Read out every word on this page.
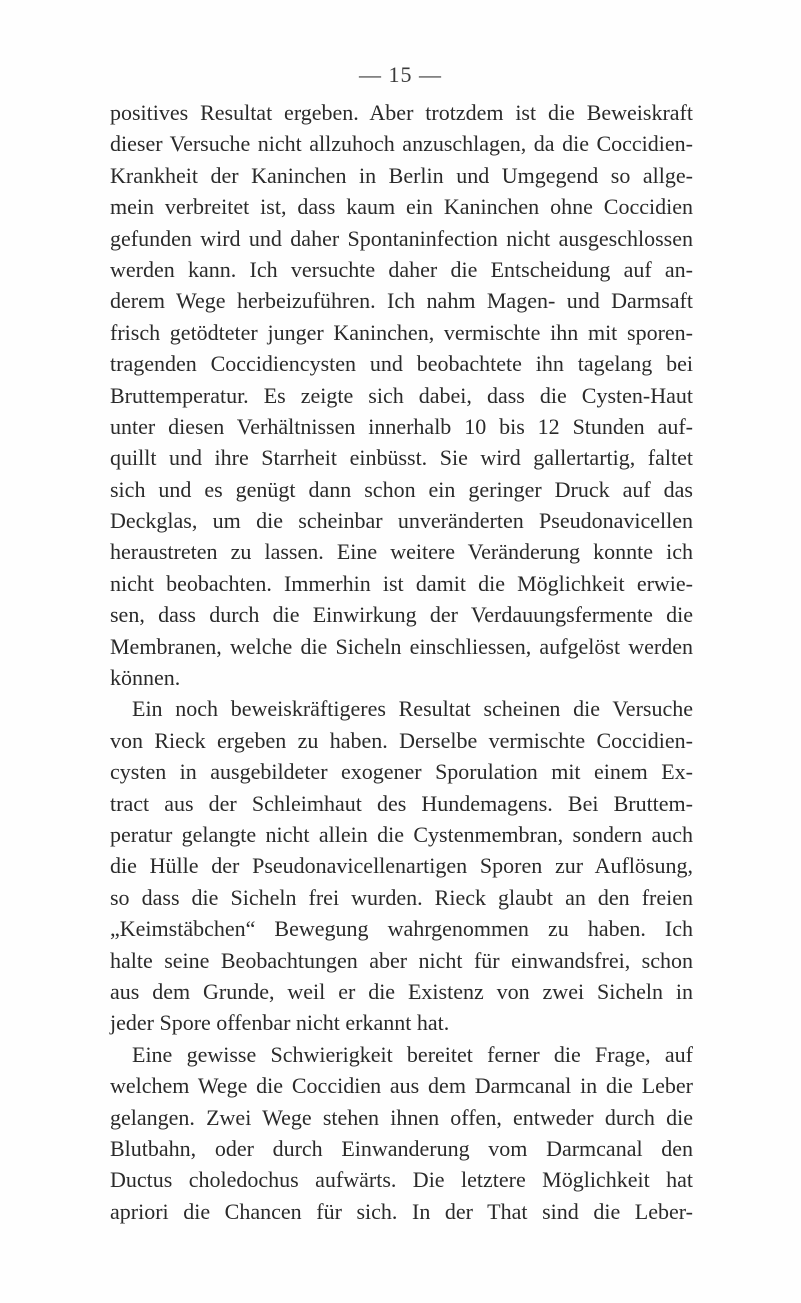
— 15 —
positives Resultat ergeben. Aber trotzdem ist die Beweiskraft
dieser Versuche nicht allzuhoch anzuschlagen, da die Coccidien-
Krankheit der Kaninchen in Berlin und Umgegend so allge-
mein verbreitet ist, dass kaum ein Kaninchen ohne Coccidien
gefunden wird und daher Spontaninfection nicht ausgeschlossen
werden kann. Ich versuchte daher die Entscheidung auf an-
derem Wege herbeizuführen. Ich nahm Magen- und Darmsaft
frisch getödteter junger Kaninchen, vermischte ihn mit sporen-
tragenden Coccidiencysten und beobachtete ihn tagelang bei
Bruttemperatur. Es zeigte sich dabei, dass die Cysten-Haut
unter diesen Verhältnissen innerhalb 10 bis 12 Stunden auf-
quillt und ihre Starrheit einbüsst. Sie wird gallertartig, faltet
sich und es genügt dann schon ein geringer Druck auf das
Deckglas, um die scheinbar unveränderten Pseudonavicellen
heraustreten zu lassen. Eine weitere Veränderung konnte ich
nicht beobachten. Immerhin ist damit die Möglichkeit erwie-
sen, dass durch die Einwirkung der Verdauungsfermente die
Membranen, welche die Sicheln einschliessen, aufgelöst werden
können.
Ein noch beweiskräftigeres Resultat scheinen die Versuche
von Rieck ergeben zu haben. Derselbe vermischte Coccidien-
cysten in ausgebildeter exogener Sporulation mit einem Ex-
tract aus der Schleimhaut des Hundemagens. Bei Bruttem-
peratur gelangte nicht allein die Cystenmembran, sondern auch
die Hülle der Pseudonavicellenartigen Sporen zur Auflösung,
so dass die Sicheln frei wurden. Rieck glaubt an den freien
„Keimstäbchen“ Bewegung wahrgenommen zu haben. Ich
halte seine Beobachtungen aber nicht für einwandsfrei, schon
aus dem Grunde, weil er die Existenz von zwei Sicheln in
jeder Spore offenbar nicht erkannt hat.
Eine gewisse Schwierigkeit bereitet ferner die Frage, auf
welchem Wege die Coccidien aus dem Darmcanal in die Leber
gelangen. Zwei Wege stehen ihnen offen, entweder durch die
Blutbahn, oder durch Einwanderung vom Darmcanal den
Ductus choledochus aufwärts. Die letztere Möglichkeit hat
apriori die Chancen für sich. In der That sind die Leber-
